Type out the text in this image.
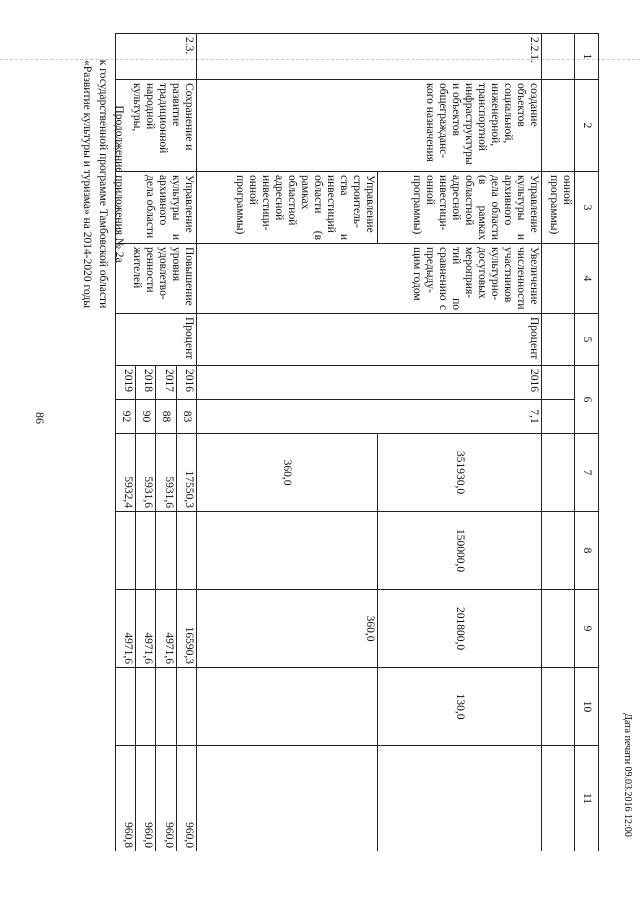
86
Продолжение приложения № 2а
к государственной программе Тамбовской области
«Развитие культуры и туризма» на 2014-2020 годы
Дата печати 09.03.2016 12:00
1	2	3	4	5	6		7	8	9	10	11
		онной программы)									
2.2.1.	создание объектов социальной, инженерной, транспортной инфраструктуры и объектов общегражданс-кого назначения	Управление культуры и архивного дела области (в рамках областной адресной инвестици-онной программы)	Увеличение численности участников культурно-досуговых мероприя-тий по сравнению с предыду-щим годом	Процент	2016	7,1	351930,0	150000,0	201800,0	130,0	
		Управление строитель-ства и инвестиций области (в рамках областной адресной инвестици-онной программы)					360,0		360,0		
2.3.	Сохранение и развитие традиционной народной культуры,	Управление культуры и архивного дела области	Повышение уровня удовлетво-ренности жителей	Процент	2016	83	17550,3		16590,3		960,0
					2017	88	5931,6		4971,6		960,0
					2018	90	5931,6		4971,6		960,0
					2019	92	5932,4		4971,6		960,8
